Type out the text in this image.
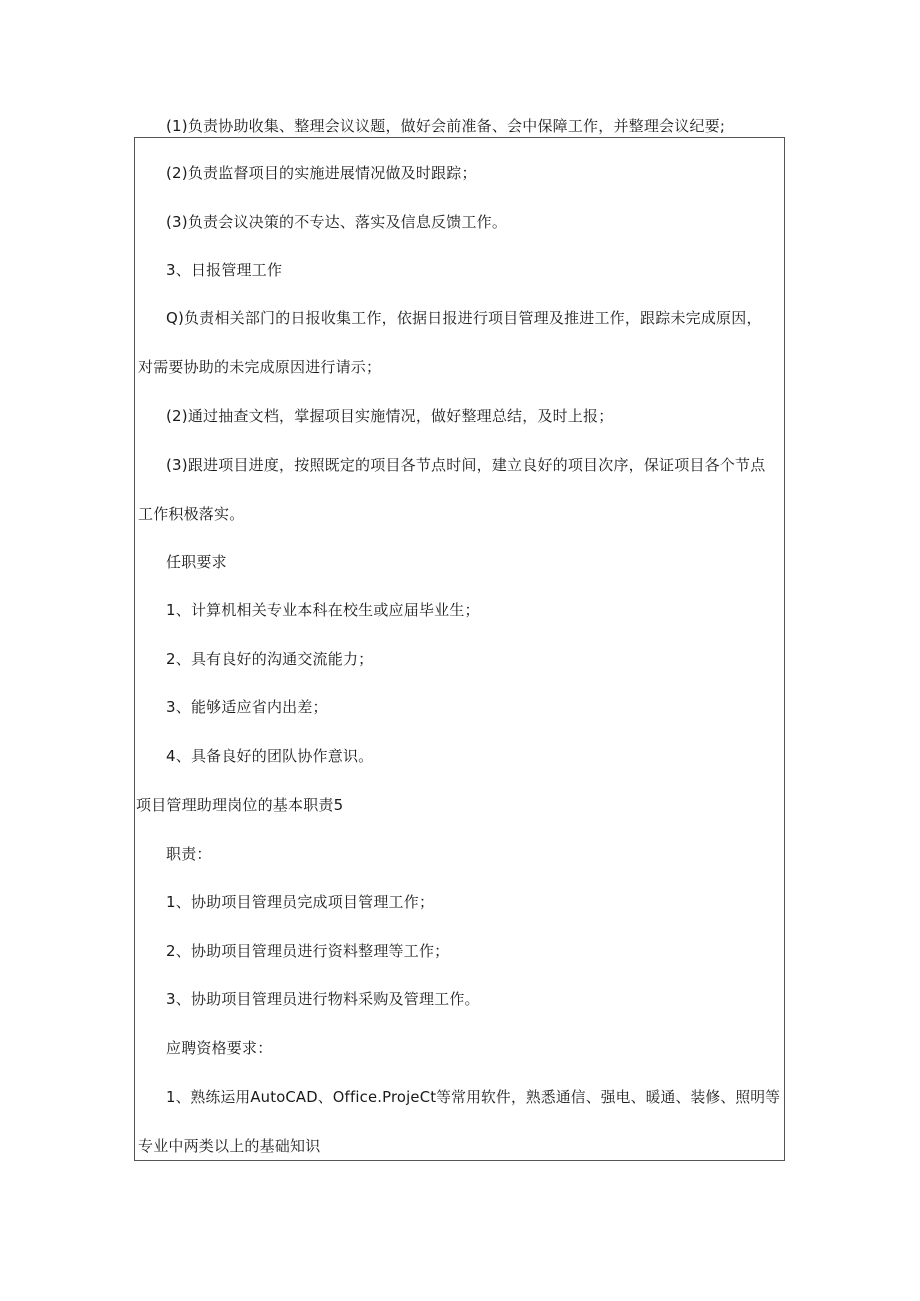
(1)负责协助收集、整理会议议题，做好会前准备、会中保障工作，并整理会议纪要;
(2)负责监督项目的实施进展情况做及时跟踪；
(3)负责会议决策的不专达、落实及信息反馈工作。
3、日报管理工作
Q)负责相关部门的日报收集工作，依据日报进行项目管理及推进工作，跟踪未完成原因，
对需要协助的未完成原因进行请示；
(2)通过抽查文档，掌握项目实施情况，做好整理总结，及时上报；
(3)跟进项目进度，按照既定的项目各节点时间，建立良好的项目次序，保证项目各个节点
工作积极落实。
任职要求
1、计算机相关专业本科在校生或应届毕业生；
2、具有良好的沟通交流能力；
3、能够适应省内出差；
4、具备良好的团队协作意识。
项目管理助理岗位的基本职责5
职责：
1、协助项目管理员完成项目管理工作；
2、协助项目管理员进行资料整理等工作；
3、协助项目管理员进行物料采购及管理工作。
应聘资格要求：
1、熟练运用AutoCAD、Office.ProjeCt等常用软件，熟悉通信、强电、暖通、装修、照明等
专业中两类以上的基础知识
